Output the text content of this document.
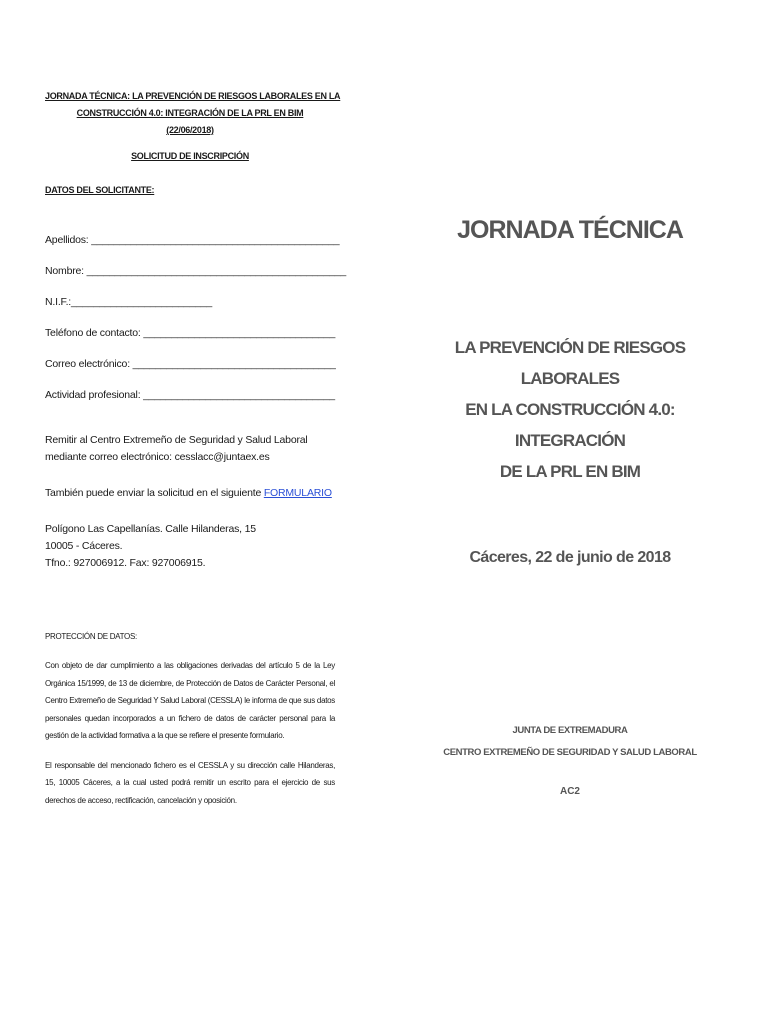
JORNADA TÉCNICA: LA PREVENCIÓN DE RIESGOS LABORALES EN LA
CONSTRUCCIÓN 4.0: INTEGRACIÓN DE LA PRL EN BIM
(22/06/2018)
SOLICITUD DE INSCRIPCIÓN
DATOS DEL SOLICITANTE:
Apellidos: ____________________________________________
Nombre: ______________________________________________
N.I.F.:_________________________
Teléfono de contacto: __________________________________
Correo electrónico: ____________________________________
Actividad profesional: __________________________________
Remitir al Centro Extremeño de Seguridad y Salud Laboral mediante correo electrónico: cesslacc@juntaex.es
También puede enviar la solicitud en el siguiente FORMULARIO
Polígono Las Capellanías. Calle Hilanderas, 15
10005 - Cáceres.
Tfno.: 927006912. Fax: 927006915.
PROTECCIÓN DE DATOS:
Con objeto de dar cumplimiento a las obligaciones derivadas del artículo 5 de la Ley Orgánica 15/1999, de 13 de diciembre, de Protección de Datos de Carácter Personal, el Centro Extremeño de Seguridad Y Salud Laboral (CESSLA) le informa de que sus datos personales quedan incorporados a un fichero de datos de carácter personal para la gestión de la actividad formativa a la que se refiere el presente formulario.
El responsable del mencionado fichero es el CESSLA y su dirección calle Hilanderas, 15, 10005 Cáceres, a la cual usted podrá remitir un escrito para el ejercicio de sus derechos de acceso, rectificación, cancelación y oposición.
JORNADA TÉCNICA
LA PREVENCIÓN DE RIESGOS LABORALES
EN LA CONSTRUCCIÓN 4.0: INTEGRACIÓN
DE LA PRL EN BIM
Cáceres, 22 de junio de 2018
JUNTA DE EXTREMADURA
CENTRO EXTREMEÑO DE SEGURIDAD Y SALUD LABORAL
AC2
